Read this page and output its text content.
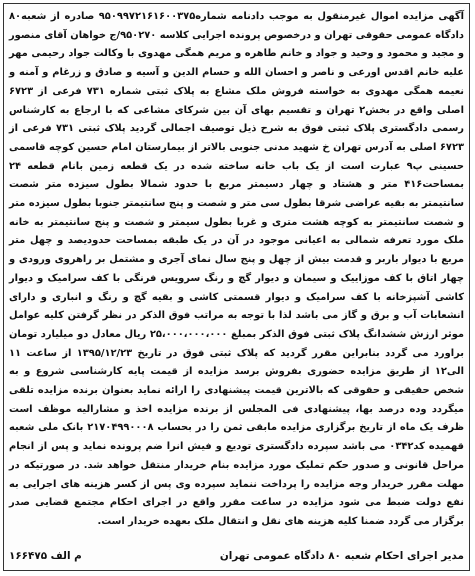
آگهی مزایده اموال غیرمنقول به موجب دادنامه شماره۹۵۰۹۹۷۲۱۶۱۶۰۰۳۷۵ صادره از شعبه۸۰ دادگاه عمومی حقوقی تهران و درخصوص پرونده اجرایی کلاسه ۹۵۰۲۷۰/ج خواهان آقای منصور و مجید و محمود و وحید و جواد و خانم طاهره و مریم همگی مهدوی با وکالت جواد رحیمی مهر علیه خانم اقدس اورعی و ناصر و احسان الله و حسام الدین و آسیه و صادق و زرغام و آمنه و نعیمه همگی مهدوی به خواسته فروش ملک مشاع به پلاک ثبتی شماره ۷۳۱ فرعی از ۶۷۲۳ اصلی واقع در بخش۲ تهران و تقسیم بهای آن بین شرکای مشاعی که با ارجاع به کارشناس رسمی دادگستری پلاک ثبتی فوق به شرح ذیل توصیف اجمالی گردید پلاک ثبتی ۷۳۱ فرعی از ۶۷۲۳ اصلی به آدرس تهران خ شهید مدنی جنوبی بالاتر از بیمارستان امام حسین کوچه قاسمی حسینی پ۹ عبارت است از یک باب خانه ساخته شده در یک قطعه زمین بانام قطعه ۲۴ بمساحت۴۱۶ متر و هشتاد و چهار دسیمتر مربع با حدود شمالا بطول سیزده متر شصت سانتیمتر به بقیه عراضی شرقا بطول سی متر و شصت و پنج سانتیمتر جنوبا بطول سیزده متر و شصت سانتیمتر به کوچه هشت متری و غربا بطول سیمتر و شصت و پنج سانتیمتر به خانه ملک مورد تعرفه شمالی به اعیانی موجود در آن در یک طبقه بمساحت حدودیصد و چهل متر مربع با دیوار باربر و قدمت بیش از چهل و پنج سال نمای آجری و مشتمل بر راهروی ورودی و چهار اتاق با کف موزاییک و سیمان و دیوار گچ و رنگ سرویس فرنگی با کف سرامیک و دیوار کاشی آشپزخانه با کف سرامیک و دیوار قسمتی کاشی و بقیه گچ و رنگ و انباری و دارای انشعابات آب و برق و گاز می باشد لذا با توجه به مراتب فوق الذکر در نظر گرفتن کلیه عوامل موثر ارزش ششدانگ پلاک ثبتی فوق الذکر بمبلغ ۲۵،۰۰۰،۰۰۰،۰۰۰ ریال معادل دو میلیارد تومان براورد می گردد بنابراین مقرر گردید که پلاک ثبتی فوق در تاریخ ۱۳۹۵/۱۲/۲۳ از ساعت ۱۱ الی۱۲ از طریق مزایده حضوری بفروش برسد مزایده از قیمت پایه کارشناسی شروع و به شخص حقیقی و حقوقی که بالاترین قیمت پیشنهادی را ارائه نماید بعنوان برنده مزایده تلقی میگردد وده درصد بها، پیشنهادی فی المجلس از برنده مزایده اخذ و مشارالیه موظف است ظرف یک ماه از تاریخ برگزاری مزایده مابقی ثمن را در بحساب ۲۱۷۰۴۹۹۰۰۰۸ بانک ملی شعبه قهمیده کد۰۳۴۲ می باشد سپرده دادگستری تودیع و فیش انرا ضم پرونده نماید و پس از انجام مراحل قانونی و صدور حکم تملیک مورد مزایده بنام خریدار منتقل خواهد شد. در صورتیکه در مهلت مقرر خریدار وجه مزایده را پرداخت ننماید سپرده وی پس از کسر هزینه های اجرایی به نفع دولت ضبط می شود مزایده در ساعت مقرر واقع در اجرای احکام مجتمع قضایی صدر برگزار می گردد ضمنا کلیه هزینه های نقل و انتقال ملک بعهده خریدار است.
مدیر اجرای احکام شعبه ۸۰ دادگاه عمومی تهران
م الف ۱۶۶۴۷۵
